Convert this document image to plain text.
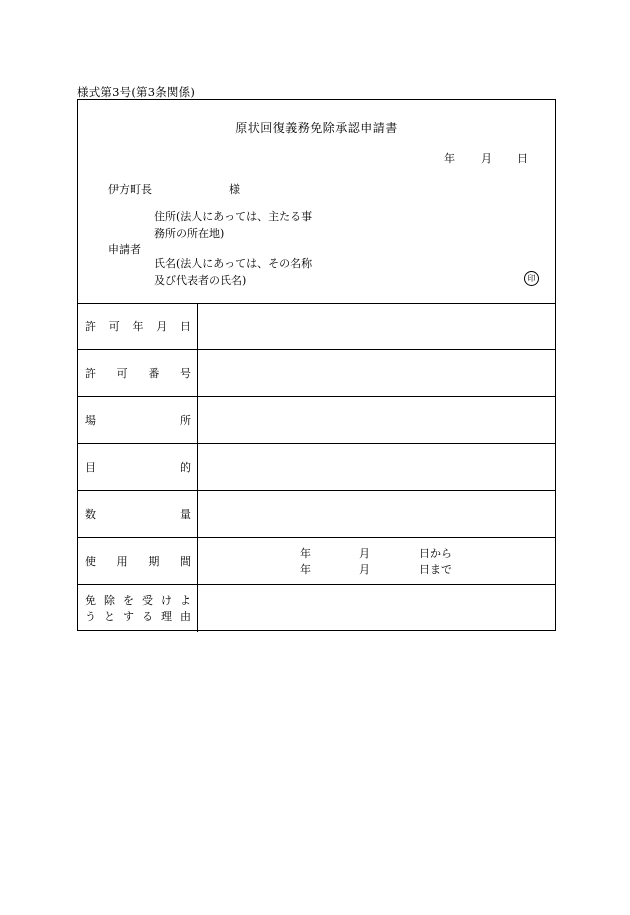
様式第3号(第3条関係)
原状回復義務免除承認申請書
年 月 日
伊方町長	様
住所(法人にあっては、主たる事
務所の所在地)
申請者
氏名(法人にあっては、その名称
及び代表者の氏名)	印
許 可 年 月 日
許 可 番 号
場	所
目	的
数	量
使 用 期 間
年	月	日から
年	月	日まで
免 除 を 受 け よ
う と す る 理 由
